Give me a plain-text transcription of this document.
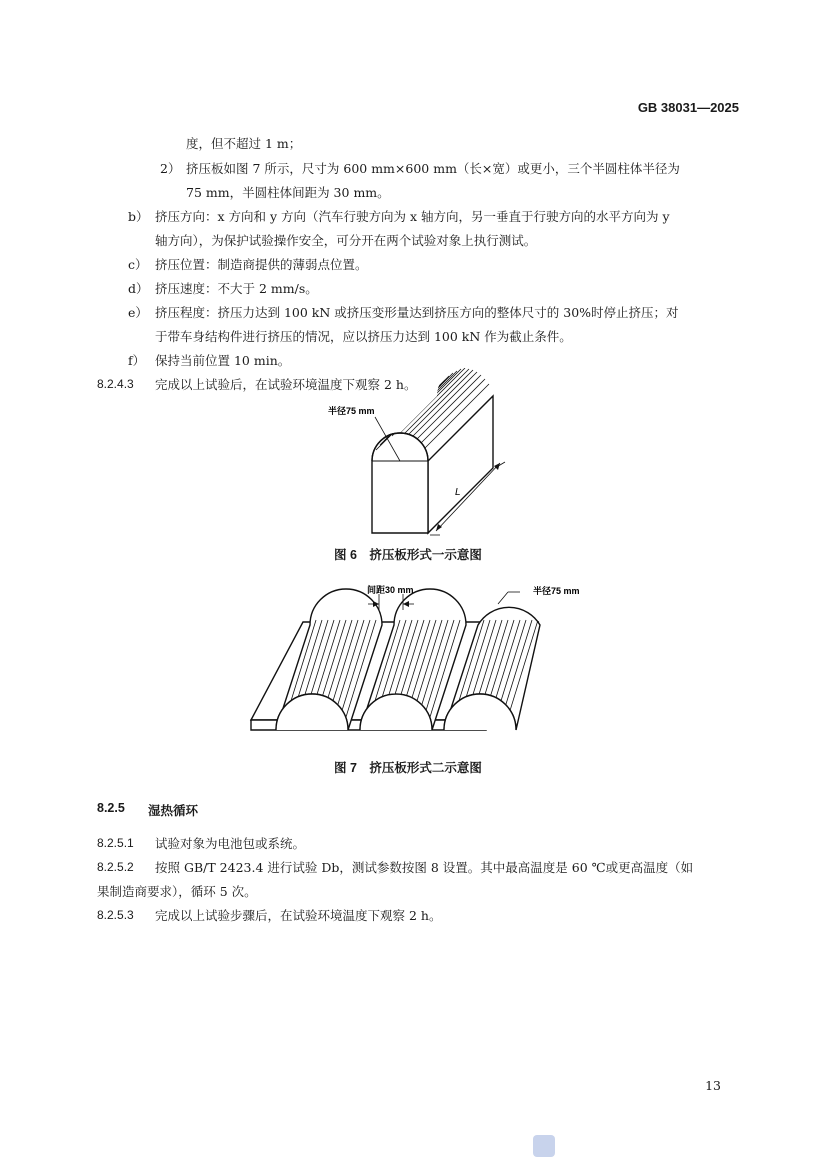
GB 38031—2025
度，但不超过 1 m；
2） 挤压板如图 7 所示，尺寸为 600 mm×600 mm（长×宽）或更小，三个半圆柱体半径为
75 mm，半圆柱体间距为 30 mm。
b） 挤压方向：x 方向和 y 方向（汽车行驶方向为 x 轴方向，另一垂直于行驶方向的水平方向为 y
轴方向），为保护试验操作安全，可分开在两个试验对象上执行测试。
c） 挤压位置：制造商提供的薄弱点位置。
d） 挤压速度：不大于 2 mm/s。
e） 挤压程度：挤压力达到 100 kN 或挤压变形量达到挤压方向的整体尺寸的 30%时停止挤压；对
于带车身结构件进行挤压的情况，应以挤压力达到 100 kN 作为截止条件。
f） 保持当前位置 10 min。
8.2.4.3 完成以上试验后，在试验环境温度下观察 2 h。
半径75 mm
L
图 6　挤压板形式一示意图
间距30 mm	半径75 mm
图 7　挤压板形式二示意图
8.2.5 湿热循环
8.2.5.1 试验对象为电池包或系统。
8.2.5.2 按照 GB/T 2423.4 进行试验 Db，测试参数按图 8 设置。其中最高温度是 60 ℃或更高温度（如
果制造商要求），循环 5 次。
8.2.5.3 完成以上试验步骤后，在试验环境温度下观察 2 h。
13
